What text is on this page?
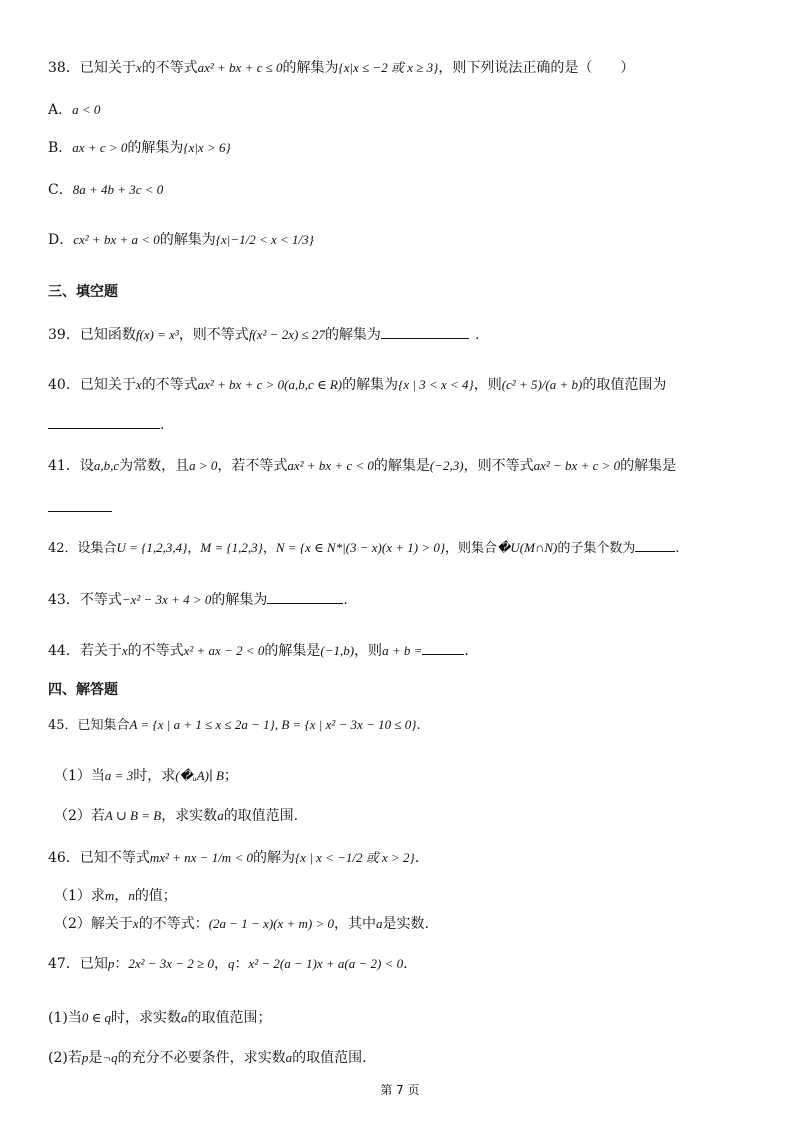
38．已知关于x的不等式ax² + bx + c ≤ 0的解集为{x|x ≤ −2 或 x ≥ 3}，则下列说法正确的是（　　）
A．a < 0
B．ax + c > 0的解集为{x|x > 6}
C．8a + 4b + 3c < 0
D．cx² + bx + a < 0的解集为{x|−1/2 < x < 1/3}
三、填空题
39．已知函数f(x) = x³，则不等式f(x² − 2x) ≤ 27的解集为	.
40．已知关于x的不等式ax² + bx + c > 0(a,b,c ∈ R)的解集为{x | 3 < x < 4}，则(c² + 5)/(a + b)的取值范围为
.
41．设a,b,c为常数，且a > 0，若不等式ax² + bx + c < 0的解集是(−2,3)，则不等式ax² − bx + c > 0的解集是
42．设集合U = {1,2,3,4}，M = {1,2,3}，N = {x ∈ N*|(3 − x)(x + 1) > 0}，则集合�U(M∩N)的子集个数为	.
43．不等式−x² − 3x + 4 > 0的解集为	.
44．若关于x的不等式x² + ax − 2 < 0的解集是(−1,b)，则a + b =	.
四、解答题
45．已知集合A = {x | a + 1 ≤ x ≤ 2a − 1}, B = {x | x² − 3x − 10 ≤ 0}.
（1）当a = 3时，求(�ᵤA)∣ B；
（2）若A ∪ B = B，求实数a的取值范围.
46．已知不等式mx² + nx − 1/m < 0的解为{x | x < −1/2 或 x > 2}.
（1）求m，n的值；
（2）解关于x的不等式：(2a − 1 − x)(x + m) > 0，其中a是实数.
47．已知p：2x² − 3x − 2 ≥ 0，q：x² − 2(a − 1)x + a(a − 2) < 0.
(1)当0 ∈ q时，求实数a的取值范围；
(2)若p是¬q的充分不必要条件，求实数a的取值范围.
第 7 页
